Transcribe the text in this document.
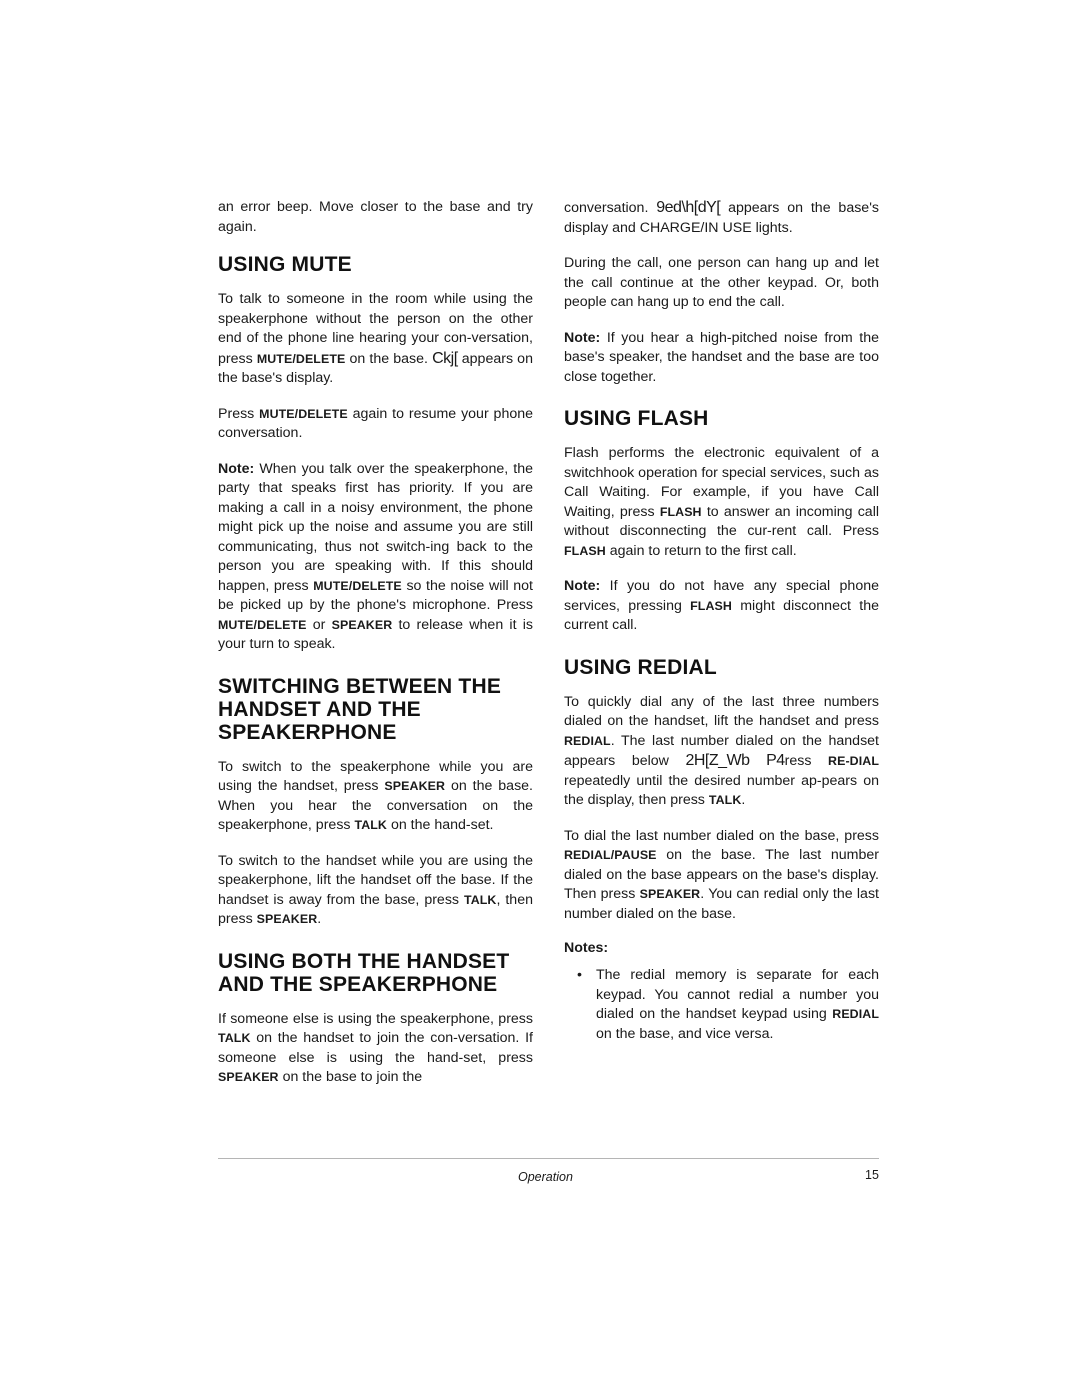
an error beep. Move closer to the base and try again.

USING MUTE

To talk to someone in the room while using the speakerphone without the person on the other end of the phone line hearing your con-versation, press MUTE/DELETE on the base. Ckj[ appears on the base's display.

Press MUTE/DELETE again to resume your phone conversation.

Note: When you talk over the speakerphone, the party that speaks first has priority. If you are making a call in a noisy environment, the phone might pick up the noise and assume you are still communicating, thus not switch-ing back to the person you are speaking with. If this should happen, press MUTE/DELETE so the noise will not be picked up by the phone's microphone. Press MUTE/DELETE or SPEAKER to release when it is your turn to speak.

SWITCHING BETWEEN THE HANDSET AND THE SPEAKERPHONE

To switch to the speakerphone while you are using the handset, press SPEAKER on the base. When you hear the conversation on the speakerphone, press TALK on the hand-set.

To switch to the handset while you are using the speakerphone, lift the handset off the base. If the handset is away from the base, press TALK, then press SPEAKER.

USING BOTH THE HANDSET AND THE SPEAKERPHONE

If someone else is using the speakerphone, press TALK on the handset to join the con-versation. If someone else is using the hand-set, press SPEAKER on the base to join the

conversation. 9ed\h[dY[ appears on the base's display and CHARGE/IN USE lights.

During the call, one person can hang up and let the call continue at the other keypad. Or, both people can hang up to end the call.

Note: If you hear a high-pitched noise from the base's speaker, the handset and the base are too close together.

USING FLASH

Flash performs the electronic equivalent of a switchhook operation for special services, such as Call Waiting. For example, if you have Call Waiting, press FLASH to answer an incoming call without disconnecting the cur-rent call. Press FLASH again to return to the first call.

Note: If you do not have any special phone services, pressing FLASH might disconnect the current call.

USING REDIAL

To quickly dial any of the last three numbers dialed on the handset, lift the handset and press REDIAL. The last number dialed on the handset appears below 2H[Z_Wb P4ress RE-DIAL repeatedly until the desired number ap-pears on the display, then press TALK.

To dial the last number dialed on the base, press REDIAL/PAUSE on the base. The last number dialed on the base appears on the base's display. Then press SPEAKER. You can redial only the last number dialed on the base.

Notes:
• The redial memory is separate for each keypad. You cannot redial a number you dialed on the handset keypad using REDIAL on the base, and vice versa.
Operation	15
